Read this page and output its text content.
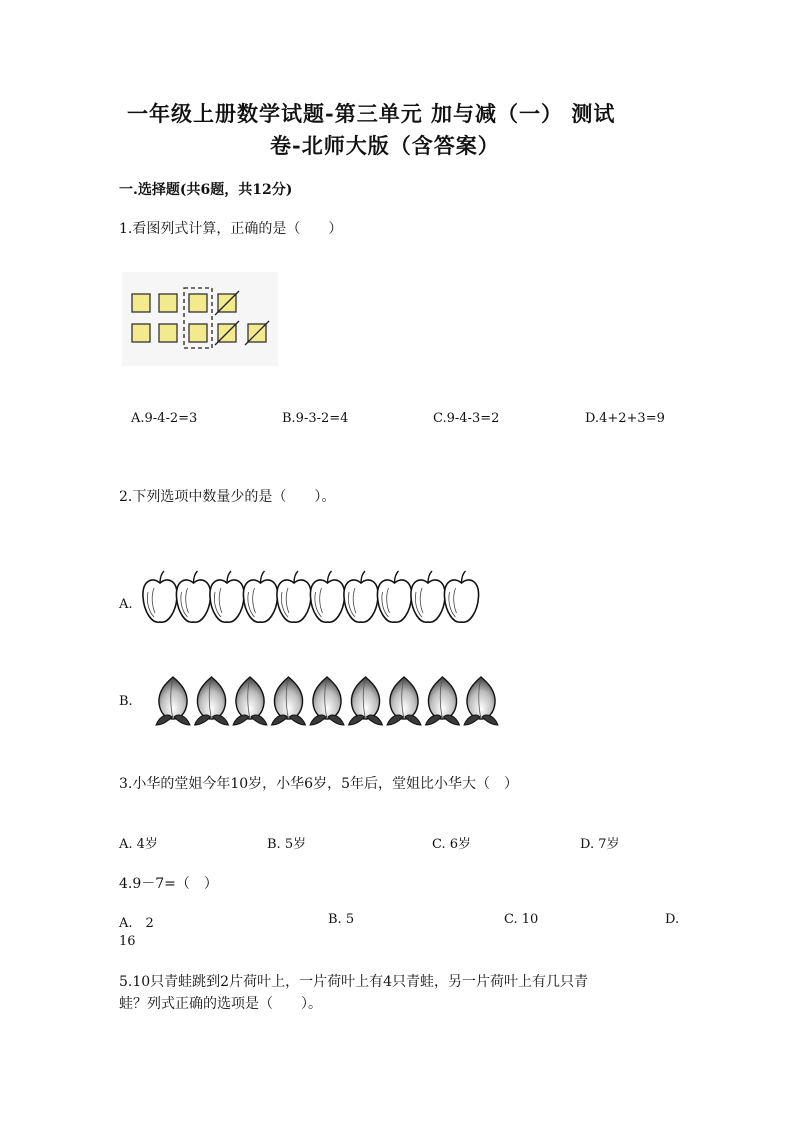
一年级上册数学试题-第三单元 加与减（一） 测试
卷-北师大版（含答案）
一.选择题(共6题，共12分)
1.看图列式计算，正确的是（　　）
A.9-4-2=3	B.9-3-2=4	C.9-4-3=2	D.4+2+3=9
2.下列选项中数量少的是（　　）。
A.
B.
3.小华的堂姐今年10岁，小华6岁，5年后，堂姐比小华大（　）
A. 4岁	B. 5岁	C. 6岁	D. 7岁
4.9－7=（　）
A.　2	B. 5	C. 10	D.
16
5.10只青蛙跳到2片荷叶上，一片荷叶上有4只青蛙，另一片荷叶上有几只青
蛙？列式正确的选项是（　　）。
